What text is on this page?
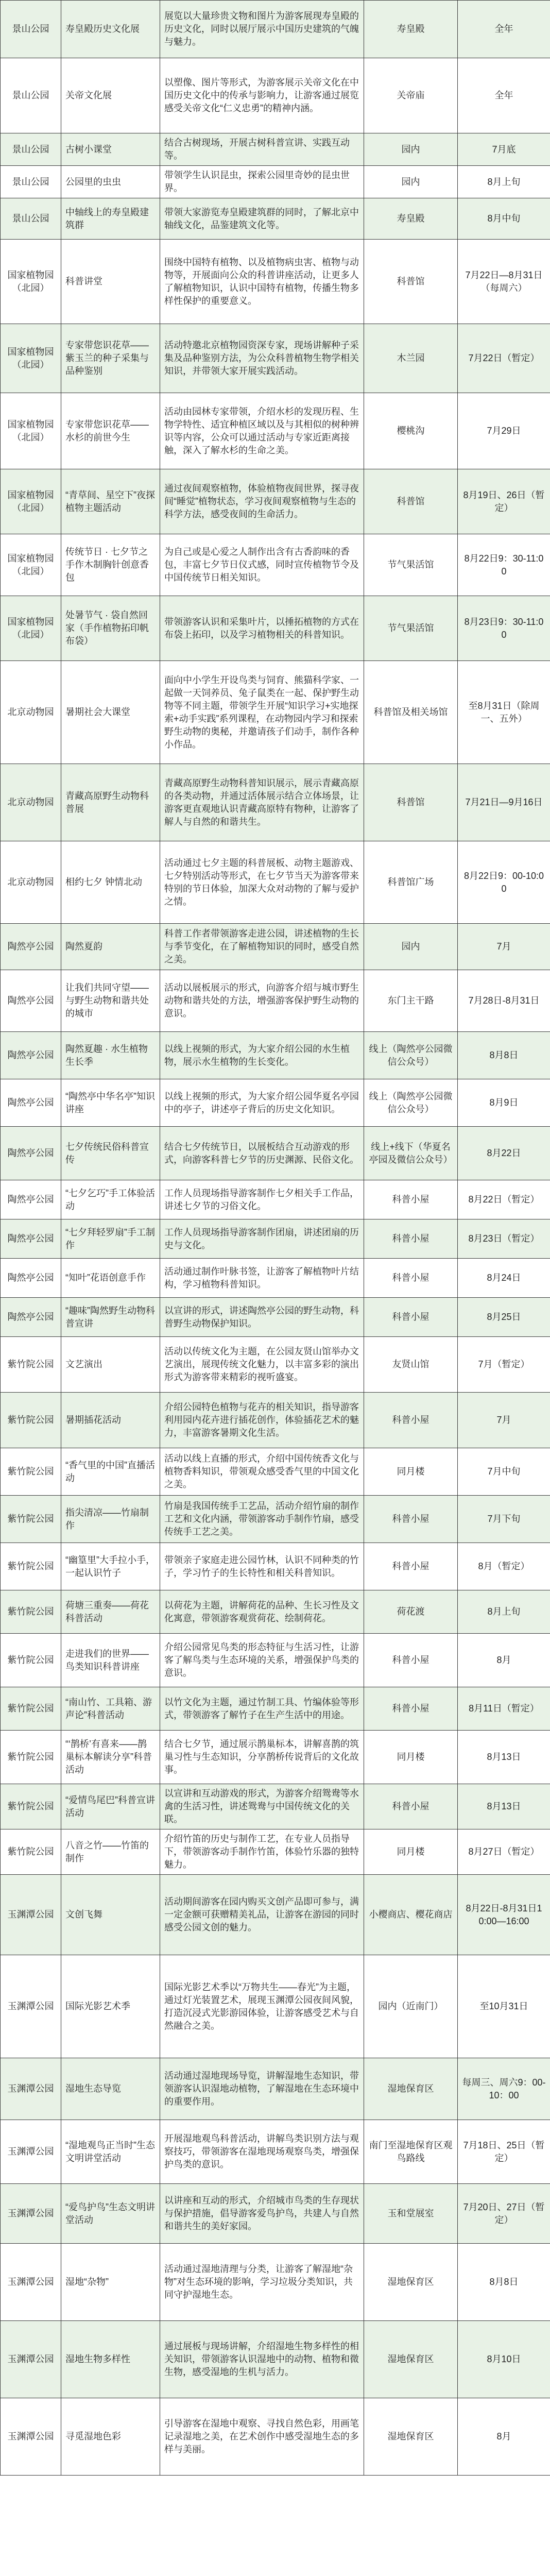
景山公园	寿皇殿历史文化展	展览以大量珍贵文物和图片为游客展现寿皇殿的历史文化，同时以展厅展示中国历史建筑的气魄与魅力。	寿皇殿	全年
景山公园	关帝文化展	以塑像、图片等形式，为游客展示关帝文化在中国历史文化中的传承与影响力，让游客通过展览感受关帝文化“仁义忠勇”的精神内涵。	关帝庙	全年
景山公园	古树小课堂	结合古树现场，开展古树科普宣讲、实践互动等。	园内	7月底
景山公园	公园里的虫虫	带领学生认识昆虫，探索公园里奇妙的昆虫世界。	园内	8月上旬
景山公园	中轴线上的寿皇殿建筑群	带领大家游览寿皇殿建筑群的同时，了解北京中轴线文化，品鉴建筑文化等。	寿皇殿	8月中旬
国家植物园（北园）	科普讲堂	围绕中国特有植物、以及植物病虫害、植物与动物等，开展面向公众的科普讲座活动，让更多人了解植物知识，认识中国特有植物，传播生物多样性保护的重要意义。	科普馆	7月22日—8月31日（每周六）
国家植物园（北园）	专家带您识花草——紫玉兰的种子采集与品种鉴别	活动特邀北京植物园资深专家，现场讲解种子采集及品种鉴别方法，为公众科普植物生物学相关知识，并带领大家开展实践活动。	木兰园	7月22日（暂定）
国家植物园（北园）	专家带您识花草——水杉的前世今生	活动由园林专家带领，介绍水杉的发现历程、生物学特性、适宜种植区域以及与其相似的树种辨识等内容，公众可以通过活动与专家近距离接触，深入了解水杉的生命之美。	樱桃沟	7月29日
国家植物园（北园）	“青草间、星空下”夜探植物主题活动	通过夜间观察植物，体验植物夜间世界，探寻夜间“睡觉”植物状态，学习夜间观察植物与生态的科学方法，感受夜间的生命活力。	科普馆	8月19日、26日（暂定）
国家植物园（北园）	传统节日 · 七夕节之手作木制胸针创意香包	为自己或是心爱之人制作出含有古香韵味的香包，丰富七夕节日仪式感，同时宣传植物节令及中国传统节日相关知识。	节气果活馆	8月22日9：30-11:00
国家植物园（北园）	处暑节气 · 袋自然回家（手作植物拓印帆布袋）	带领游客认识和采集叶片，以捶拓植物的方式在布袋上拓印，以及学习植物相关的科普知识。	节气果活馆	8月23日9：30-11:00
北京动物园	暑期社会大课堂	面向中小学生开设鸟类与饲育、熊猫科学家、一起做一天饲养员、兔子鼠类在一起、保护野生动物等不同主题，带领学生开展“知识学习+实地探索+动手实践”系列课程，在动物园内学习和探索野生动物的奥秘，并邀请孩子们动手，制作各种小作品。	科普馆及相关场馆	至8月31日（除周一、五外）
北京动物园	青藏高原野生动物科普展	青藏高原野生动物科普知识展示，展示青藏高原的各类动物，并通过活体展示结合立体场景，让游客更直观地认识青藏高原特有物种，让游客了解人与自然的和谐共生。	科普馆	7月21日—9月16日
北京动物园	相约七夕 钟情北动	活动通过七夕主题的科普展板、动物主题游戏、七夕特别活动等形式，在七夕节当天为游客带来特别的节日体验，加深大众对动物的了解与爱护之情。	科普馆广场	8月22日9：00-10:00
陶然亭公园	陶然夏韵	科普工作者带领游客走进公园，讲述植物的生长与季节变化，在了解植物知识的同时，感受自然之美。	园内	7月
陶然亭公园	让我们共同守望——与野生动物和谐共处的城市	活动以展板展示的形式，向游客介绍与城市野生动物和谐共处的方法，增强游客保护野生动物的意识。	东门主干路	7月28日-8月31日
陶然亭公园	陶然夏趣 · 水生植物生长季	以线上视频的形式，为大家介绍公园的水生植物，展示水生植物的生长变化。	线上（陶然亭公园微信公众号）	8月8日
陶然亭公园	“陶然亭中华名亭”知识讲座	以线上视频的形式，为大家介绍公园华夏名亭园中的亭子，讲述亭子背后的历史文化知识。	线上（陶然亭公园微信公众号）	8月9日
陶然亭公园	七夕传统民俗科普宣传	结合七夕传统节日，以展板结合互动游戏的形式，向游客科普七夕节的历史渊源、民俗文化。	线上+线下（华夏名亭园及微信公众号）	8月22日
陶然亭公园	“七夕乞巧”手工体验活动	工作人员现场指导游客制作七夕相关手工作品，讲述七夕节的习俗文化。	科普小屋	8月22日（暂定）
陶然亭公园	“七夕拜轻罗扇”手工制作	工作人员现场指导游客制作团扇，讲述团扇的历史与文化。	科普小屋	8月23日（暂定）
陶然亭公园	“知叶”花语创意手作	活动通过制作叶脉书签，让游客了解植物叶片结构，学习植物科普知识。	科普小屋	8月24日
陶然亭公园	“趣味”陶然野生动物科普宣讲	以宣讲的形式，讲述陶然亭公园的野生动物，科普野生动物保护知识。	科普小屋	8月25日
紫竹院公园	文艺演出	活动以传统文化为主题，在公园友贤山馆举办文艺演出，展现传统文化魅力，以丰富多彩的演出形式为游客带来精彩的视听盛宴。	友贤山馆	7月（暂定）
紫竹院公园	暑期插花活动	介绍公园特色植物与花卉的相关知识，指导游客利用园内花卉进行插花创作，体验插花艺术的魅力，丰富游客暑期文化生活。	科普小屋	7月
紫竹院公园	“香气里的中国”直播活动	活动以线上直播的形式，介绍中国传统香文化与植物香料知识，带领观众感受香气里的中国文化之美。	同月楼	7月中旬
紫竹院公园	指尖清凉——竹扇制作	竹扇是我国传统手工艺品，活动介绍竹扇的制作工艺和文化内涵，带领游客动手制作竹扇，感受传统手工艺之美。	科普小屋	7月下旬
紫竹院公园	“幽篁里”大手拉小手，一起认识竹子	带领亲子家庭走进公园竹林，认识不同种类的竹子，学习竹子的生长特性和相关科普知识。	科普小屋	8月（暂定）
紫竹院公园	荷塘三重奏——荷花科普活动	以荷花为主题，讲解荷花的品种、生长习性及文化寓意，带领游客观赏荷花、绘制荷花。	荷花渡	8月上旬
紫竹院公园	走进我们的世界——鸟类知识科普讲座	介绍公园常见鸟类的形态特征与生活习性，让游客了解鸟类与生态环境的关系，增强保护鸟类的意识。	科普小屋	8月
紫竹院公园	“南山竹、工具箱、游声论”科普活动	以竹文化为主题，通过竹制工具、竹编体验等形式，带领游客了解竹子在生产生活中的用途。	科普小屋	8月11日（暂定）
紫竹院公园	“‘鹊桥’有喜来——鹊巢标本解读分享”科普活动	结合七夕节，通过展示鹊巢标本，讲解喜鹊的筑巢习性与生态知识，分享鹊桥传说背后的文化故事。	同月楼	8月13日
紫竹院公园	“爱情鸟尾巴”科普宣讲活动	以宣讲和互动游戏的形式，为游客介绍鸳鸯等水禽的生活习性，讲述鸳鸯与中国传统文化的关联。	科普小屋	8月13日
紫竹院公园	八音之竹——竹笛的制作	介绍竹笛的历史与制作工艺，在专业人员指导下，带领游客动手制作竹笛，体验竹乐器的独特魅力。	同月楼	8月27日（暂定）
玉渊潭公园	文创飞舞	活动期间游客在园内购买文创产品即可参与，满一定金额可获赠精美礼品，让游客在游园的同时感受公园文创的魅力。	小樱商店、樱花商店	8月22日-8月31日10:00—16:00
玉渊潭公园	国际光影艺术季	国际光影艺术季以“万物共生——春光”为主题，通过灯光装置艺术，展现玉渊潭公园夜间风貌，打造沉浸式光影游园体验，让游客感受艺术与自然融合之美。	园内（近南门）	至10月31日
玉渊潭公园	湿地生态导览	活动通过湿地现场导览，讲解湿地生态知识，带领游客认识湿地动植物，了解湿地在生态环境中的重要作用。	湿地保育区	每周三、周六9：00-10：00
玉渊潭公园	“湿地观鸟正当时”生态文明讲堂活动	开展湿地观鸟科普活动，讲解鸟类识别方法与观察技巧，带领游客在湿地现场观察鸟类，增强保护鸟类的意识。	南门至湿地保育区观鸟路线	7月18日、25日（暂定）
玉渊潭公园	“爱鸟护鸟”生态文明讲堂活动	以讲座和互动的形式，介绍城市鸟类的生存现状与保护措施，倡导游客爱鸟护鸟，共建人与自然和谐共生的美好家园。	玉和堂展室	7月20日、27日（暂定）
玉渊潭公园	湿地“杂物”	活动通过湿地清理与分类，让游客了解湿地“杂物”对生态环境的影响，学习垃圾分类知识，共同守护湿地生态。	湿地保育区	8月8日
玉渊潭公园	湿地生物多样性	通过展板与现场讲解，介绍湿地生物多样性的相关知识，带领游客认识湿地中的动物、植物和微生物，感受湿地的生机与活力。	湿地保育区	8月10日
玉渊潭公园	寻觅湿地色彩	引导游客在湿地中观察、寻找自然色彩，用画笔记录湿地之美，在艺术创作中感受湿地生态的多样与美丽。	湿地保育区	8月
